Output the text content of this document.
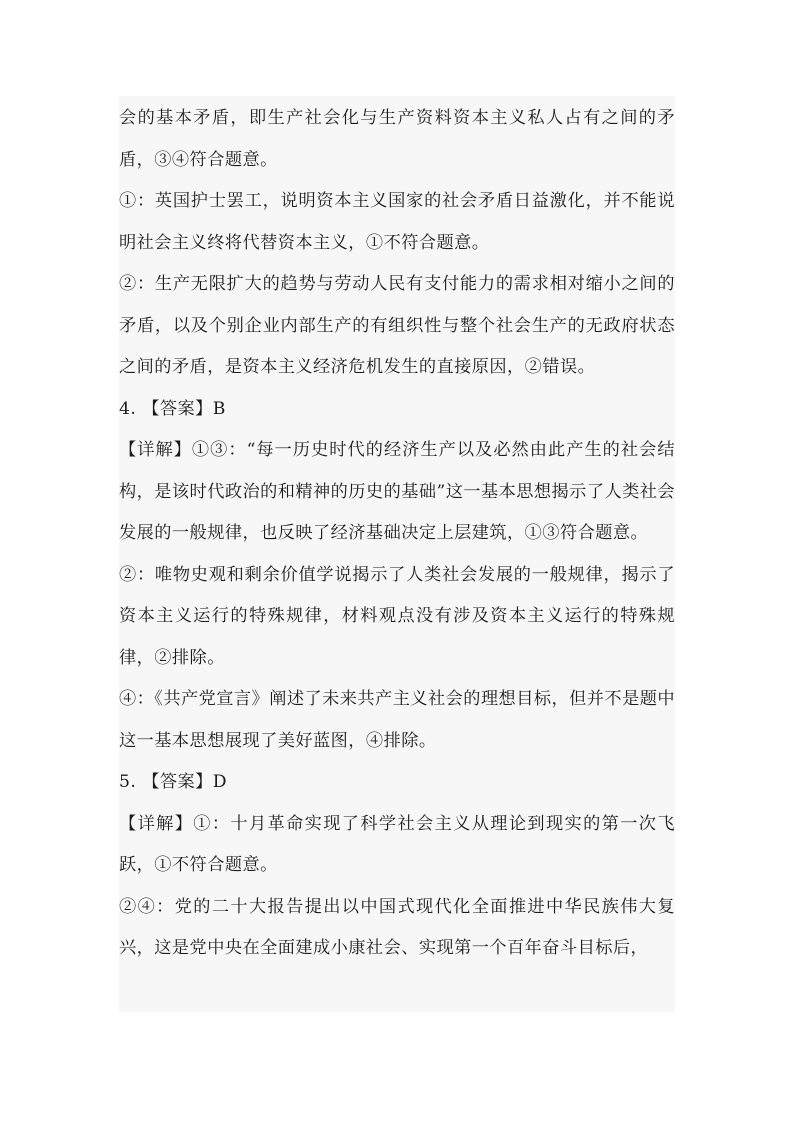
会的基本矛盾，即生产社会化与生产资料资本主义私人占有之间的矛盾，③④符合题意。

①：英国护士罢工，说明资本主义国家的社会矛盾日益激化，并不能说明社会主义终将代替资本主义，①不符合题意。

②：生产无限扩大的趋势与劳动人民有支付能力的需求相对缩小之间的矛盾，以及个别企业内部生产的有组织性与整个社会生产的无政府状态之间的矛盾，是资本主义经济危机发生的直接原因，②错误。

4. 【答案】B

【详解】①③：“每一历史时代的经济生产以及必然由此产生的社会结构，是该时代政治的和精神的历史的基础”这一基本思想揭示了人类社会发展的一般规律，也反映了经济基础决定上层建筑，①③符合题意。

②：唯物史观和剩余价值学说揭示了人类社会发展的一般规律，揭示了资本主义运行的特殊规律，材料观点没有涉及资本主义运行的特殊规律，②排除。

④：《共产党宣言》阐述了未来共产主义社会的理想目标，但并不是题中这一基本思想展现了美好蓝图，④排除。

5. 【答案】D

【详解】①：十月革命实现了科学社会主义从理论到现实的第一次飞跃，①不符合题意。

②④：党的二十大报告提出以中国式现代化全面推进中华民族伟大复兴，这是党中央在全面建成小康社会、实现第一个百年奋斗目标后，
